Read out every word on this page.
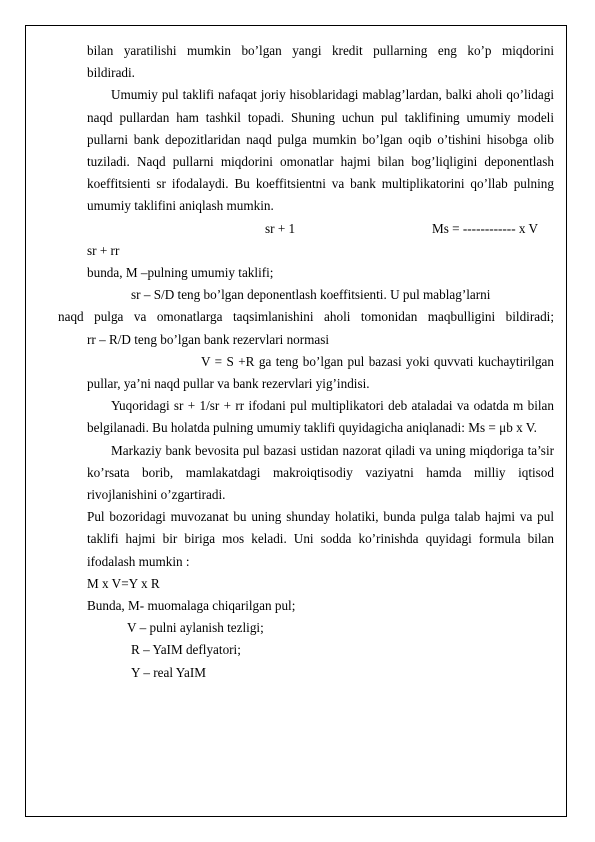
bilan yaratilishi mumkin bo’lgan yangi kredit pullarning eng ko’p miqdorini

bildiradi.

Umumiy pul taklifi nafaqat joriy hisoblaridagi mablag’lardan, balki aholi qo’lidagi naqd pullardan ham tashkil topadi. Shuning uchun pul taklifining umumiy modeli pullarni bank depozitlaridan naqd pulga mumkin bo’lgan oqib o’tishini hisobga olib tuziladi. Naqd pullarni miqdorini omonatlar hajmi bilan bog’liqligini deponentlash koeffitsienti sr ifodalaydi. Bu koeffitsientni va bank multiplikatorini qo’llab pulning umumiy taklifini aniqlash mumkin.

sr + 1	Ms = ------------ x V

sr + rr

bunda, M –pulning umumiy taklifi;

sr – S/D teng bo’lgan deponentlash koeffitsienti. U pul mablag’larni

naqd pulga va omonatlarga taqsimlanishini aholi tomonidan maqbulligini bildiradi;

rr – R/D teng bo’lgan bank rezervlari normasi

V = S +R ga teng bo’lgan pul bazasi yoki quvvati kuchaytirilgan

pullar, ya’ni naqd pullar va bank rezervlari yig’indisi.

Yuqoridagi sr + 1/sr + rr ifodani pul multiplikatori deb ataladai va odatda m bilan belgilanadi. Bu holatda pulning umumiy taklifi quyidagicha aniqlanadi: Ms = μb x V.

Markaziy bank bevosita pul bazasi ustidan nazorat qiladi va uning miqdoriga ta’sir ko’rsata borib, mamlakatdagi makroiqtisodiy vaziyatni hamda milliy iqtisod rivojlanishini o’zgartiradi.

Pul bozoridagi muvozanat bu uning shunday holatiki, bunda pulga talab hajmi va pul taklifi hajmi bir biriga mos keladi. Uni sodda ko’rinishda quyidagi formula bilan ifodalash mumkin :

M x V=Y x R

Bunda, M- muomalaga chiqarilgan pul;

V – pulni aylanish tezligi;

R – YaIM deflyatori;

Y – real YaIM
